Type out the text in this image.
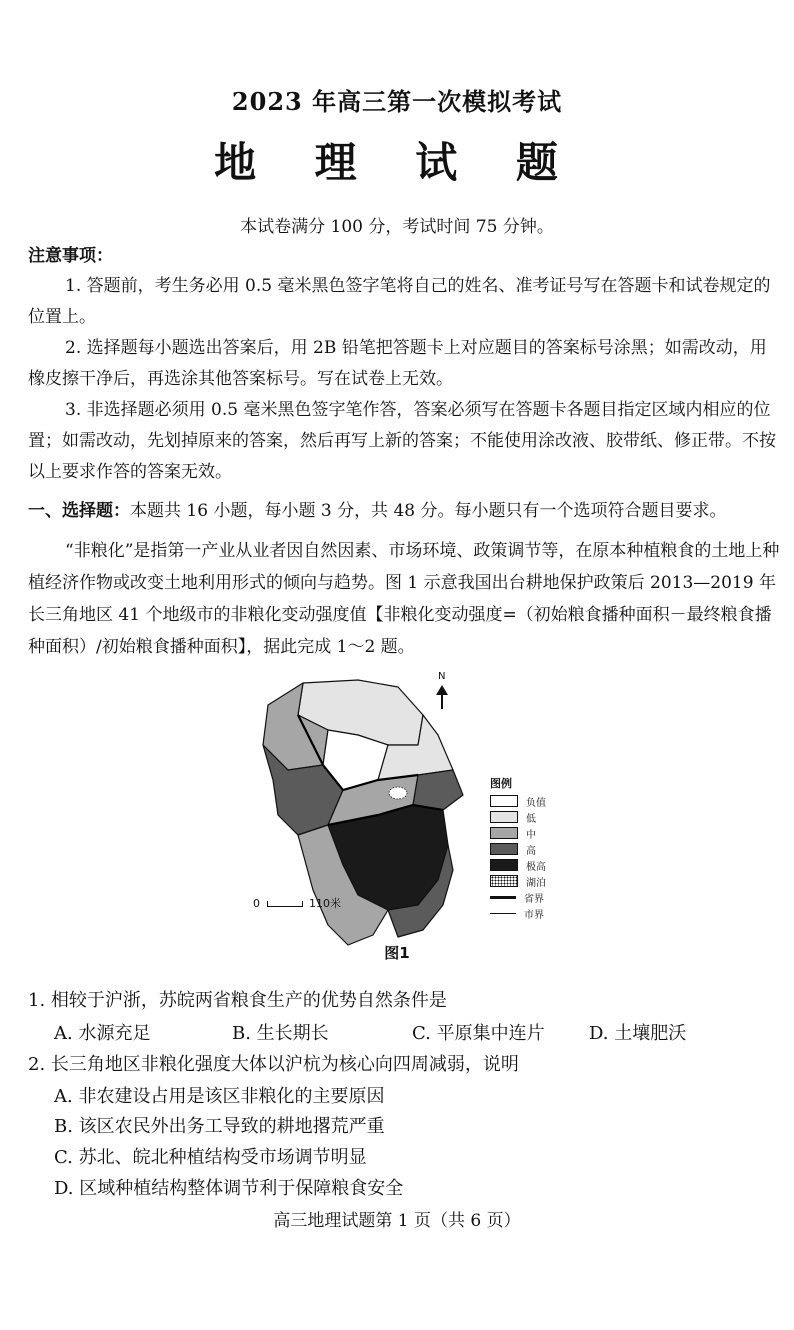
2023 年高三第一次模拟考试
地 理 试 题
本试卷满分 100 分，考试时间 75 分钟。
注意事项：
1. 答题前，考生务必用 0.5 毫米黑色签字笔将自己的姓名、准考证号写在答题卡和试卷规定的位置上。
2. 选择题每小题选出答案后，用 2B 铅笔把答题卡上对应题目的答案标号涂黑；如需改动，用橡皮擦干净后，再选涂其他答案标号。写在试卷上无效。
3. 非选择题必须用 0.5 毫米黑色签字笔作答，答案必须写在答题卡各题目指定区域内相应的位置；如需改动，先划掉原来的答案，然后再写上新的答案；不能使用涂改液、胶带纸、修正带。不按以上要求作答的答案无效。
一、选择题：本题共 16 小题，每小题 3 分，共 48 分。每小题只有一个选项符合题目要求。
“非粮化”是指第一产业从业者因自然因素、市场环境、政策调节等，在原本种植粮食的土地上种植经济作物或改变土地利用形式的倾向与趋势。图 1 示意我国出台耕地保护政策后 2013—2019 年长三角地区 41 个地级市的非粮化变动强度值【非粮化变动强度=（初始粮食播种面积－最终粮食播种面积）∕初始粮食播种面积】，据此完成 1～2 题。
N
图例
负值
低
中
高
极高
湖泊
省界
市界
0	110米
图1
1. 相较于沪浙，苏皖两省粮食生产的优势自然条件是
A. 水源充足	B. 生长期长	C. 平原集中连片 D. 土壤肥沃
2. 长三角地区非粮化强度大体以沪杭为核心向四周减弱，说明
A. 非农建设占用是该区非粮化的主要原因
B. 该区农民外出务工导致的耕地撂荒严重
C. 苏北、皖北种植结构受市场调节明显
D. 区域种植结构整体调节利于保障粮食安全
高三地理试题第 1 页（共 6 页）
